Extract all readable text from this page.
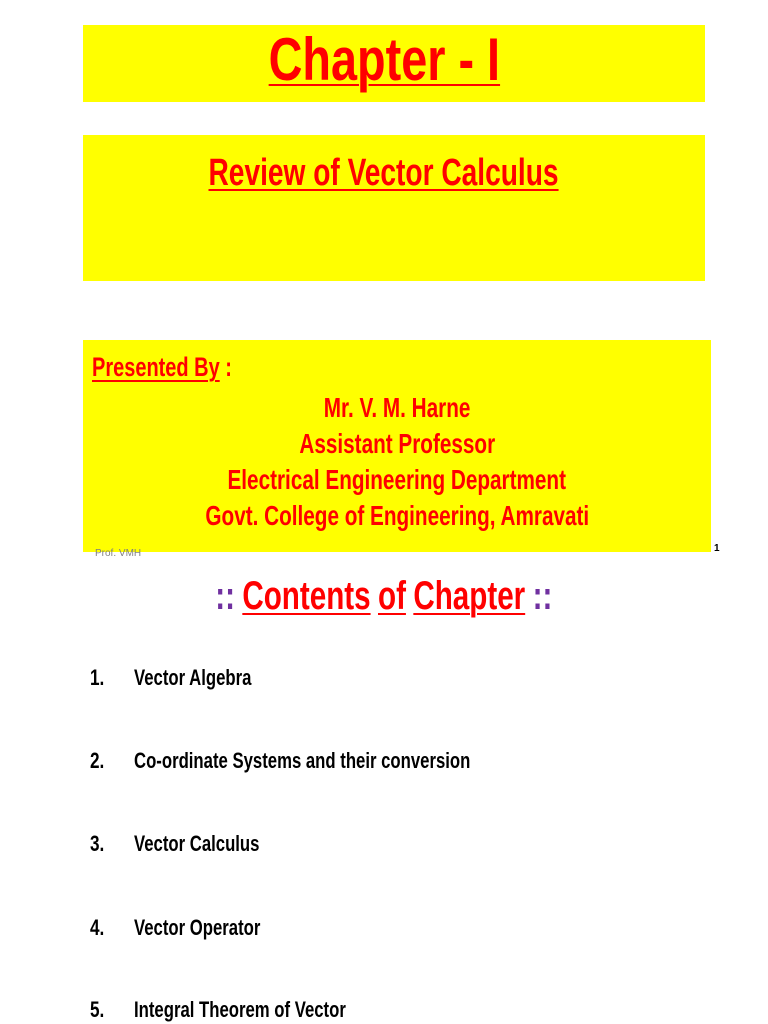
Chapter - I
Review of Vector Calculus
Presented By :
Mr. V. M. Harne
Assistant Professor
Electrical Engineering Department
Govt. College of Engineering, Amravati
Prof. VMH	1
:: Contents of Chapter ::
1. Vector Algebra
2. Co-ordinate Systems and their conversion
3. Vector Calculus
4. Vector Operator
5. Integral Theorem of Vector
